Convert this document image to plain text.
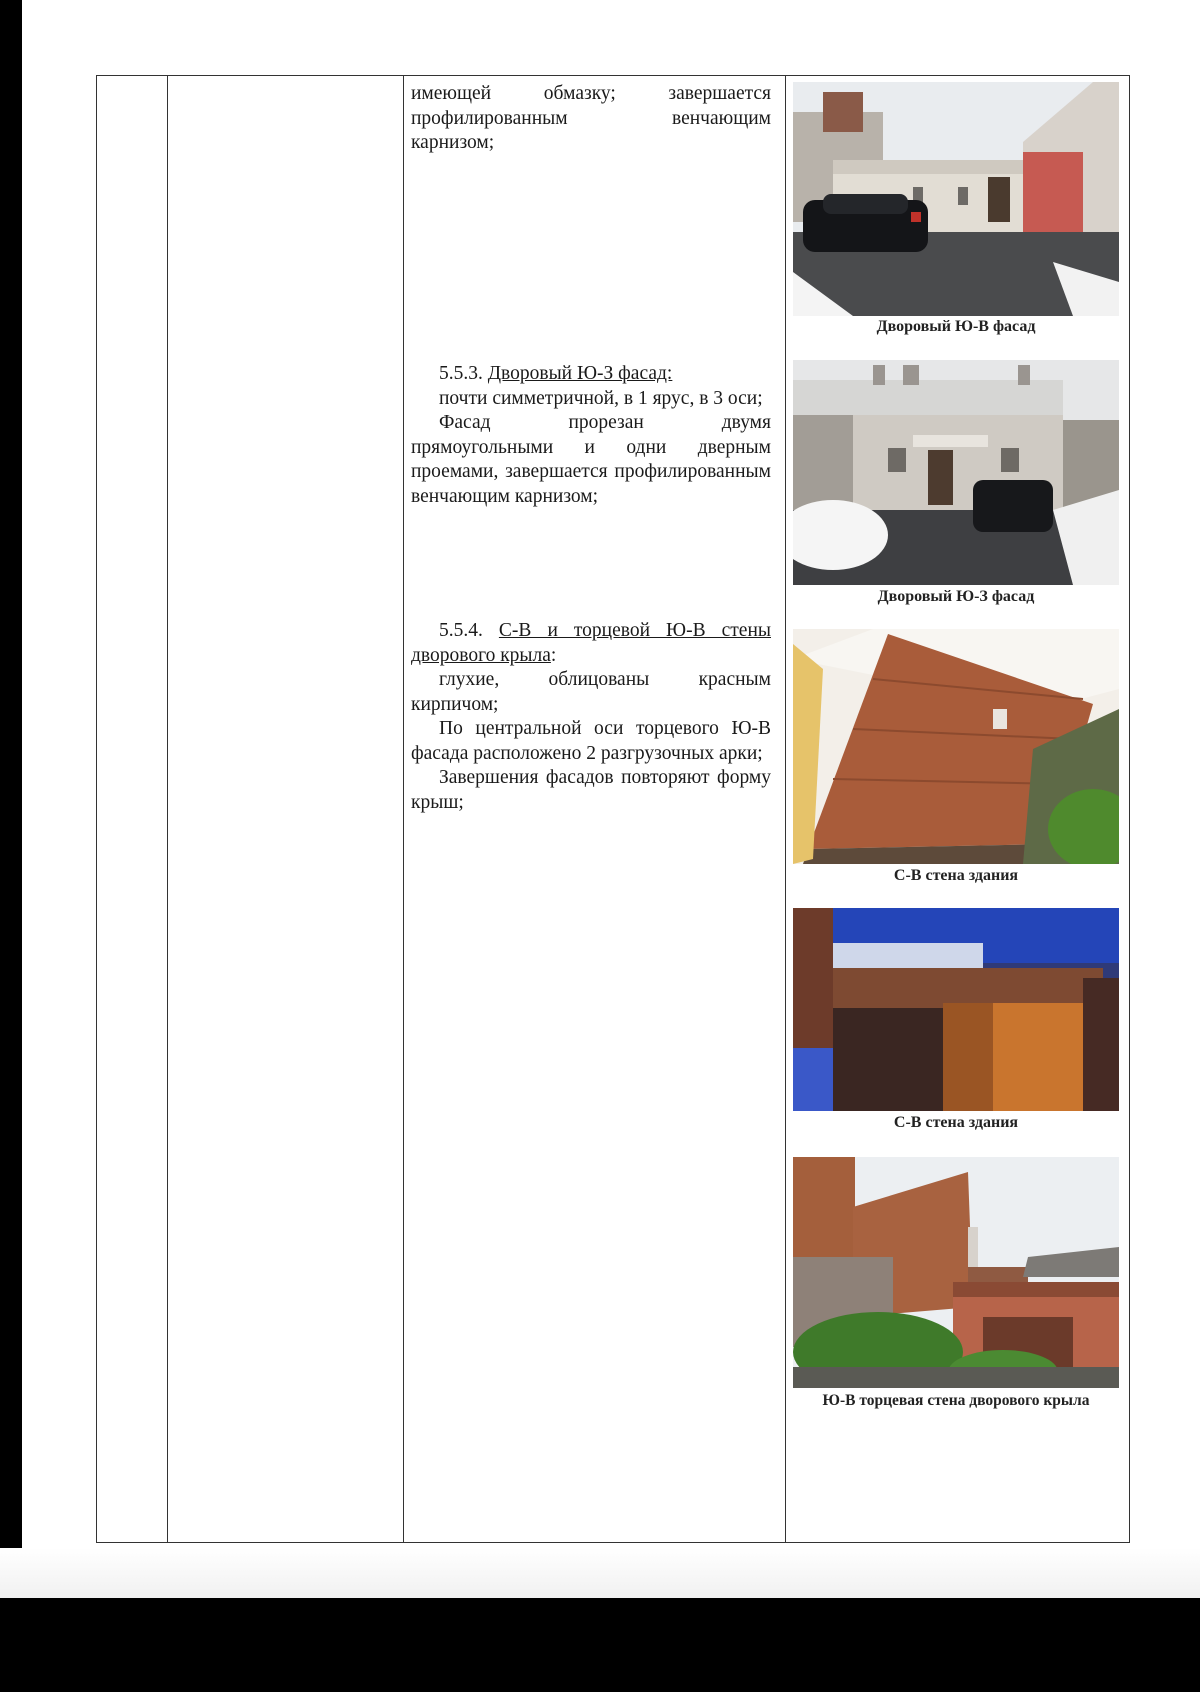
имеющей обмазку; завершается

профилированным венчающим

карнизом;

5.5.3. Дворовый Ю-З фасад:

почти симметричной, в 1 ярус, в 3 оси;

Фасад прорезан двумя прямоугольными и одни дверным проемами, завершается профилированным венчающим карнизом;

5.5.4. С-В и торцевой Ю-В стены дворового крыла:

глухие, облицованы красным кирпичом;

По центральной оси торцевого Ю-В фасада расположено 2 разгрузочных арки;

Завершения фасадов повторяют форму крыш;

Дворовый Ю-В фасад
Дворовый Ю-З фасад
С-В стена здания
С-В стена здания
Ю-В торцевая стена дворового крыла
